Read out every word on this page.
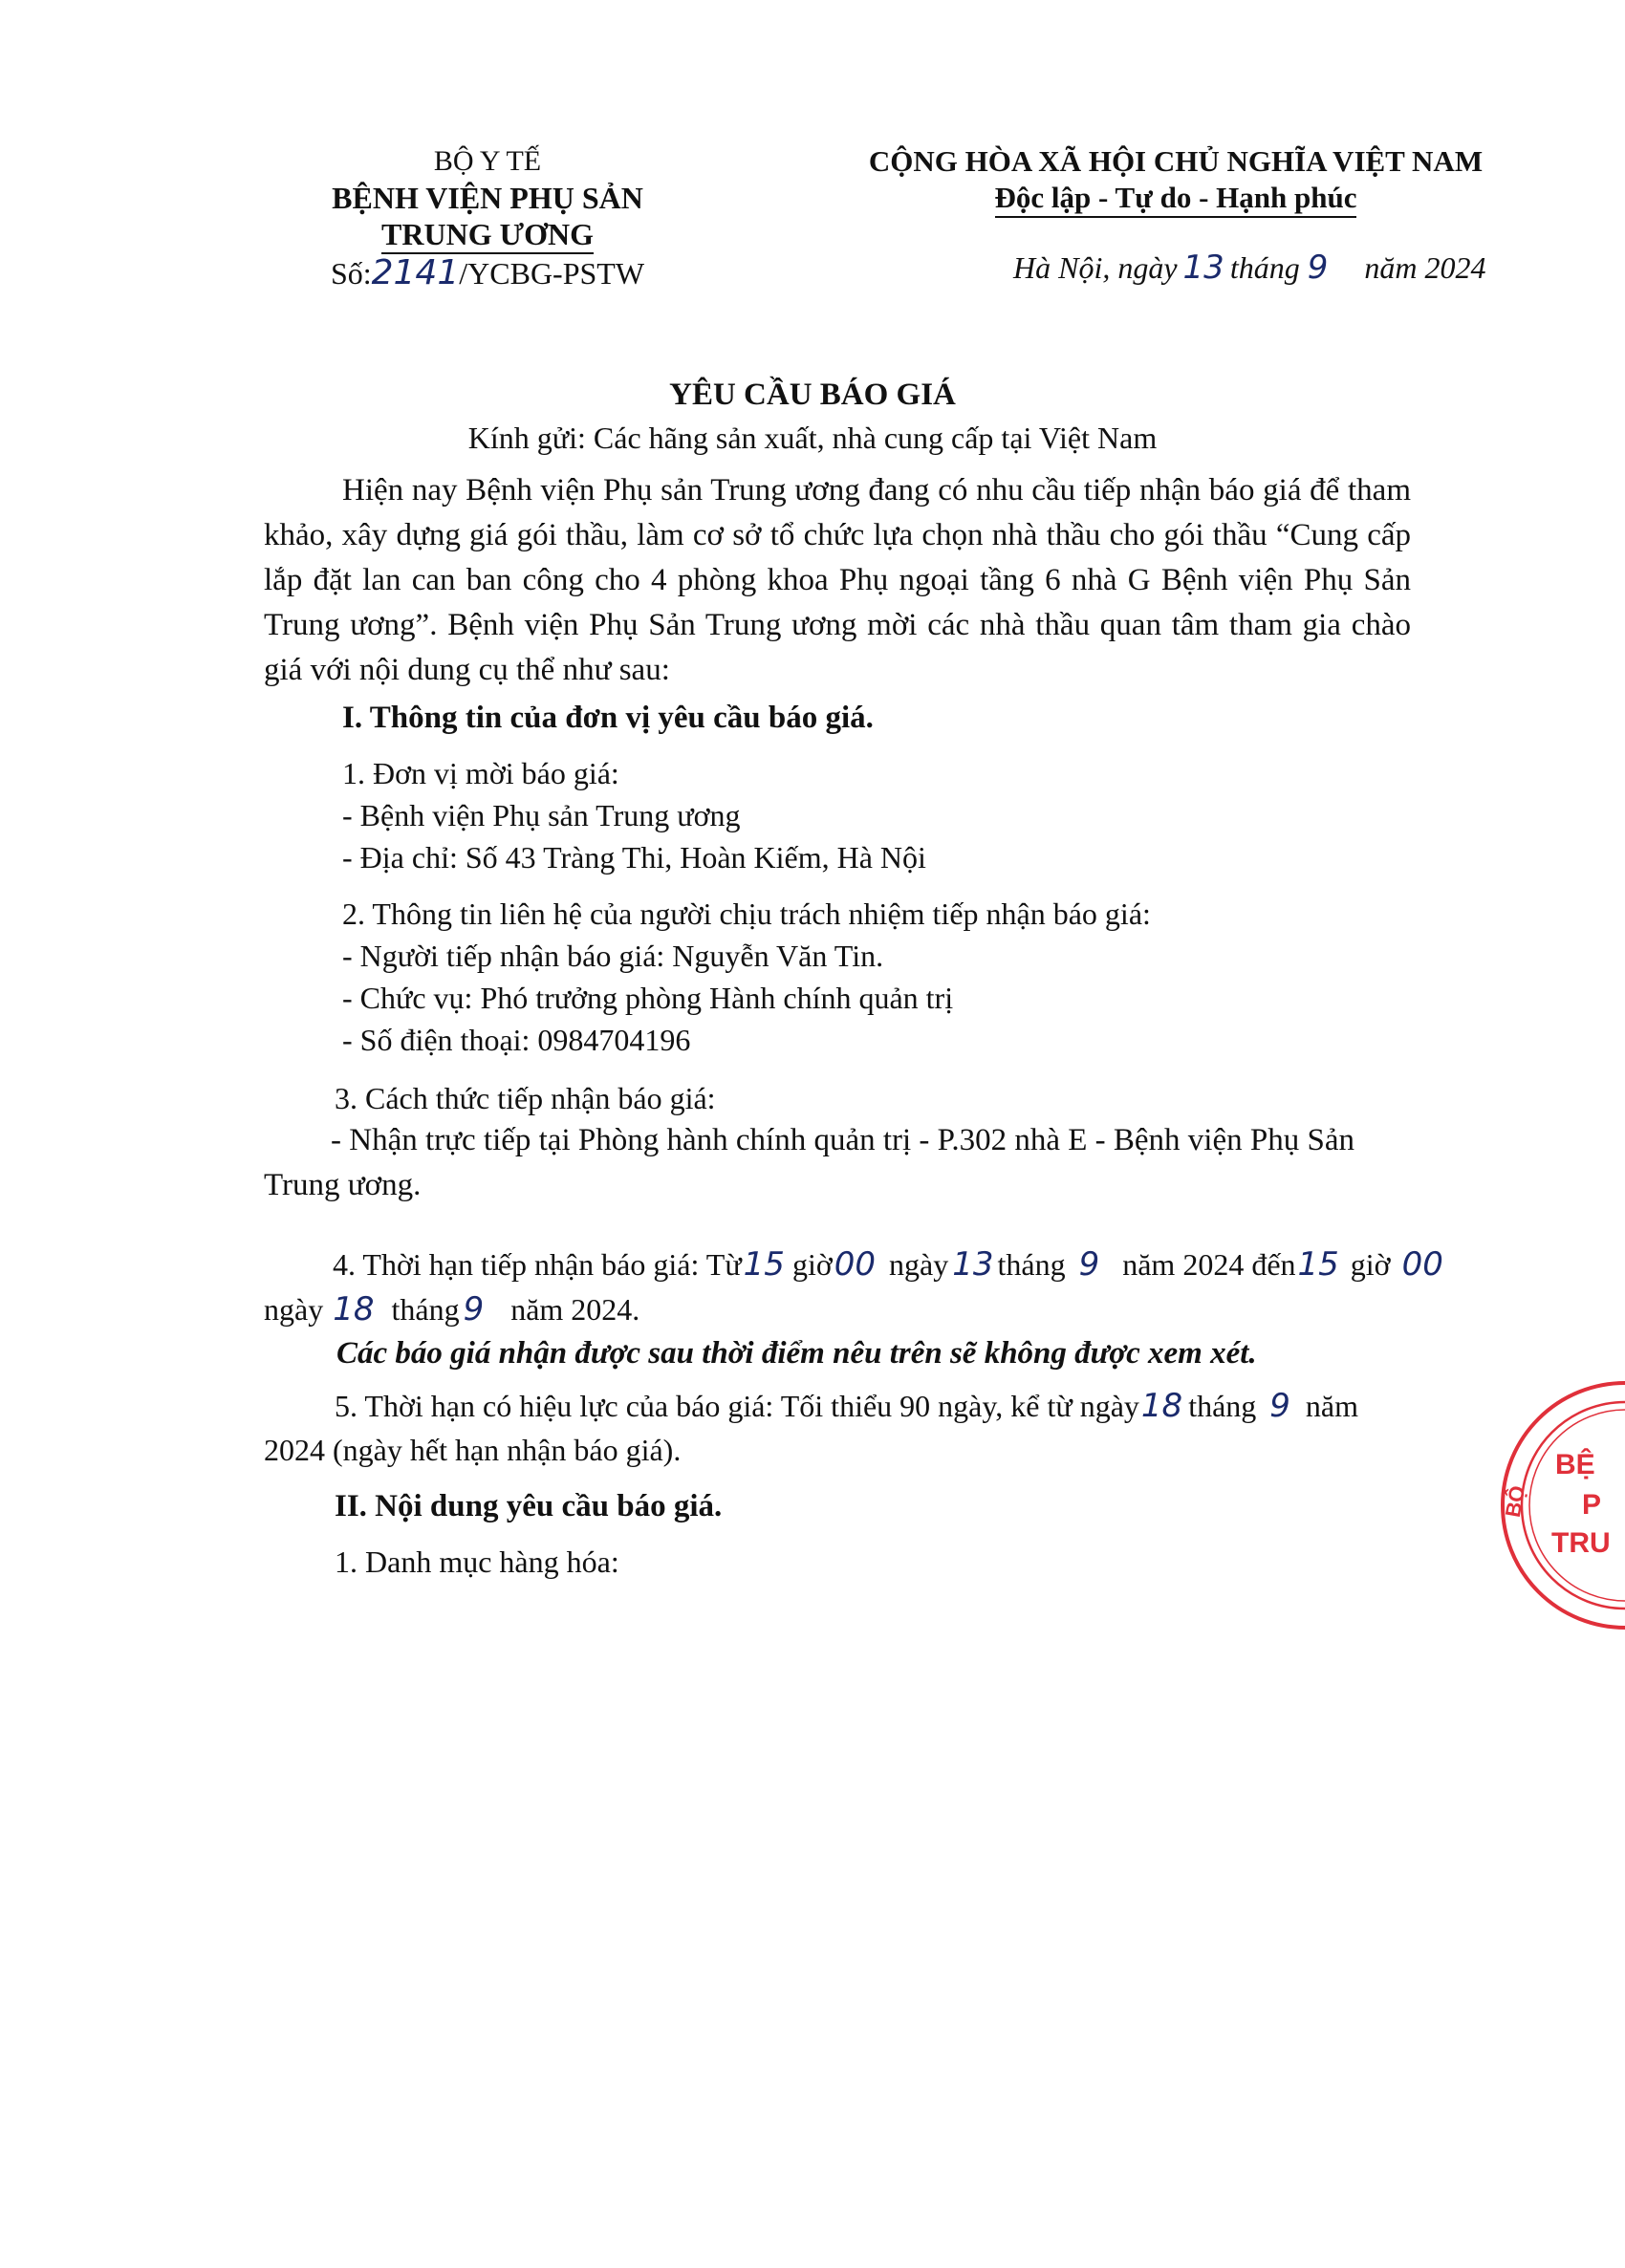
BỘ Y TẾ
BỆNH VIỆN PHỤ SẢN
TRUNG ƯƠNG
Số:2141/YCBG-PSTW
CỘNG HÒA XÃ HỘI CHỦ NGHĨA VIỆT NAM
Độc lập - Tự do - Hạnh phúc
Hà Nội, ngày 13 tháng 9 năm 2024
YÊU CẦU BÁO GIÁ
Kính gửi: Các hãng sản xuất, nhà cung cấp tại Việt Nam

Hiện nay Bệnh viện Phụ sản Trung ương đang có nhu cầu tiếp nhận báo giá để tham khảo, xây dựng giá gói thầu, làm cơ sở tổ chức lựa chọn nhà thầu cho gói thầu “Cung cấp lắp đặt lan can ban công cho 4 phòng khoa Phụ ngoại tầng 6 nhà G Bệnh viện Phụ Sản Trung ương”. Bệnh viện Phụ Sản Trung ương mời các nhà thầu quan tâm tham gia chào giá với nội dung cụ thể như sau:

I. Thông tin của đơn vị yêu cầu báo giá.
1. Đơn vị mời báo giá:
- Bệnh viện Phụ sản Trung ương
- Địa chỉ: Số 43 Tràng Thi, Hoàn Kiếm, Hà Nội
2. Thông tin liên hệ của người chịu trách nhiệm tiếp nhận báo giá:
- Người tiếp nhận báo giá: Nguyễn Văn Tin.
- Chức vụ: Phó trưởng phòng Hành chính quản trị
- Số điện thoại: 0984704196
3. Cách thức tiếp nhận báo giá:

- Nhận trực tiếp tại Phòng hành chính quản trị - P.302 nhà E - Bệnh viện Phụ Sản Trung ương.

4. Thời hạn tiếp nhận báo giá: Từ15 giờ00 ngày 13 tháng 9 năm 2024 đến15 giờ 00
ngày 18 tháng 9 năm 2024.
Các báo giá nhận được sau thời điểm nêu trên sẽ không được xem xét.
5. Thời hạn có hiệu lực của báo giá: Tối thiểu 90 ngày, kể từ ngày18 tháng 9 năm
2024 (ngày hết hạn nhận báo giá).
II. Nội dung yêu cầu báo giá.
1. Danh mục hàng hóa:
BỘ
BỆ
P
TRU
